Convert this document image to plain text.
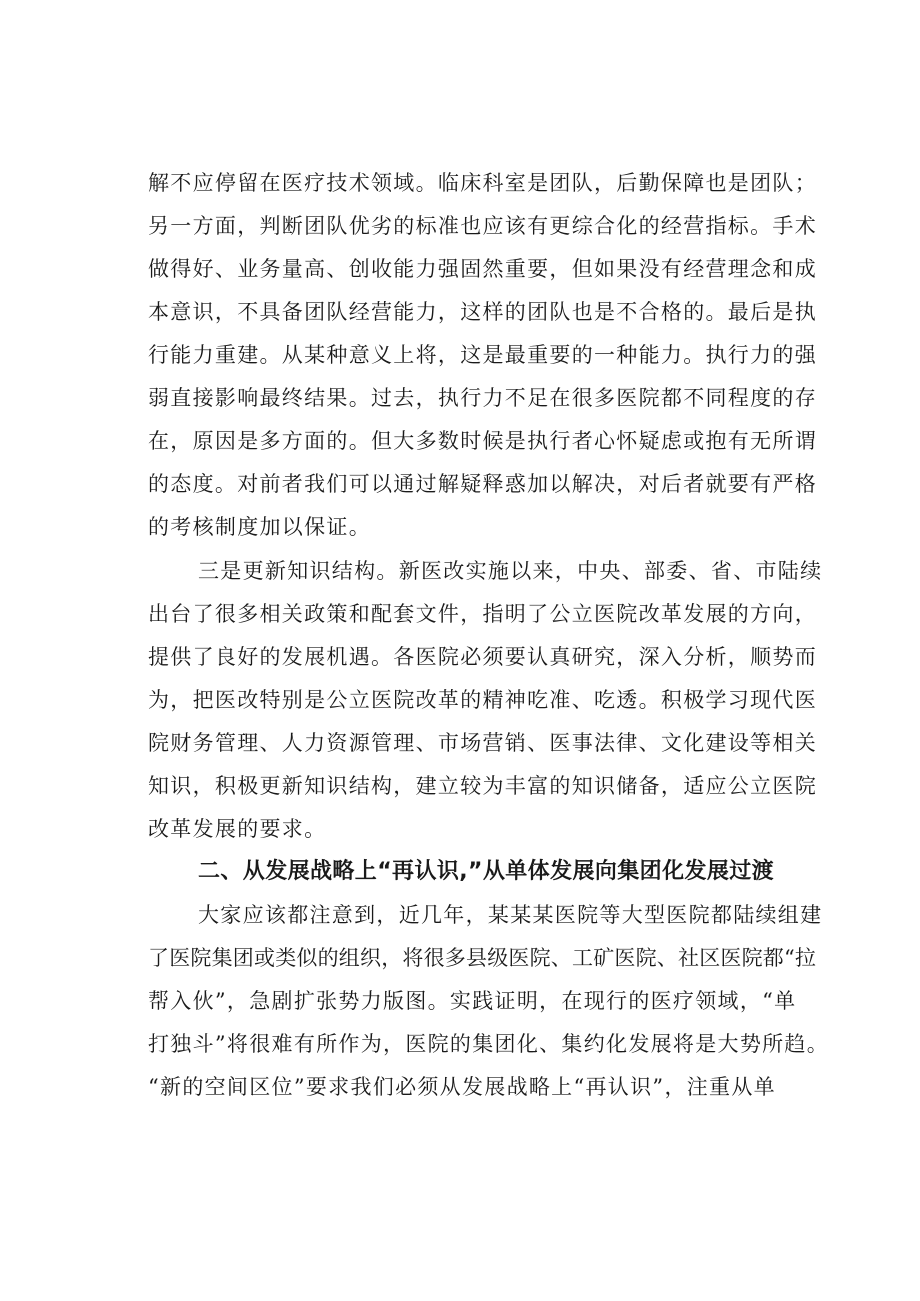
解不应停留在医疗技术领域。临床科室是团队，后勤保障也是团队；
另一方面，判断团队优劣的标准也应该有更综合化的经营指标。手术
做得好、业务量高、创收能力强固然重要，但如果没有经营理念和成
本意识，不具备团队经营能力，这样的团队也是不合格的。最后是执
行能力重建。从某种意义上将，这是最重要的一种能力。执行力的强
弱直接影响最终结果。过去，执行力不足在很多医院都不同程度的存
在，原因是多方面的。但大多数时候是执行者心怀疑虑或抱有无所谓
的态度。对前者我们可以通过解疑释惑加以解决，对后者就要有严格
的考核制度加以保证。
三是更新知识结构。新医改实施以来，中央、部委、省、市陆续
出台了很多相关政策和配套文件，指明了公立医院改革发展的方向，
提供了良好的发展机遇。各医院必须要认真研究，深入分析，顺势而
为，把医改特别是公立医院改革的精神吃准、吃透。积极学习现代医
院财务管理、人力资源管理、市场营销、医事法律、文化建设等相关
知识，积极更新知识结构，建立较为丰富的知识储备，适应公立医院
改革发展的要求。
二、从发展战略上“再认识,”从单体发展向集团化发展过渡
大家应该都注意到，近几年，某某某医院等大型医院都陆续组建
了医院集团或类似的组织，将很多县级医院、工矿医院、社区医院都“拉
帮入伙”，急剧扩张势力版图。实践证明，在现行的医疗领域，“单
打独斗”将很难有所作为，医院的集团化、集约化发展将是大势所趋。
“新的空间区位”要求我们必须从发展战略上“再认识”，注重从单
